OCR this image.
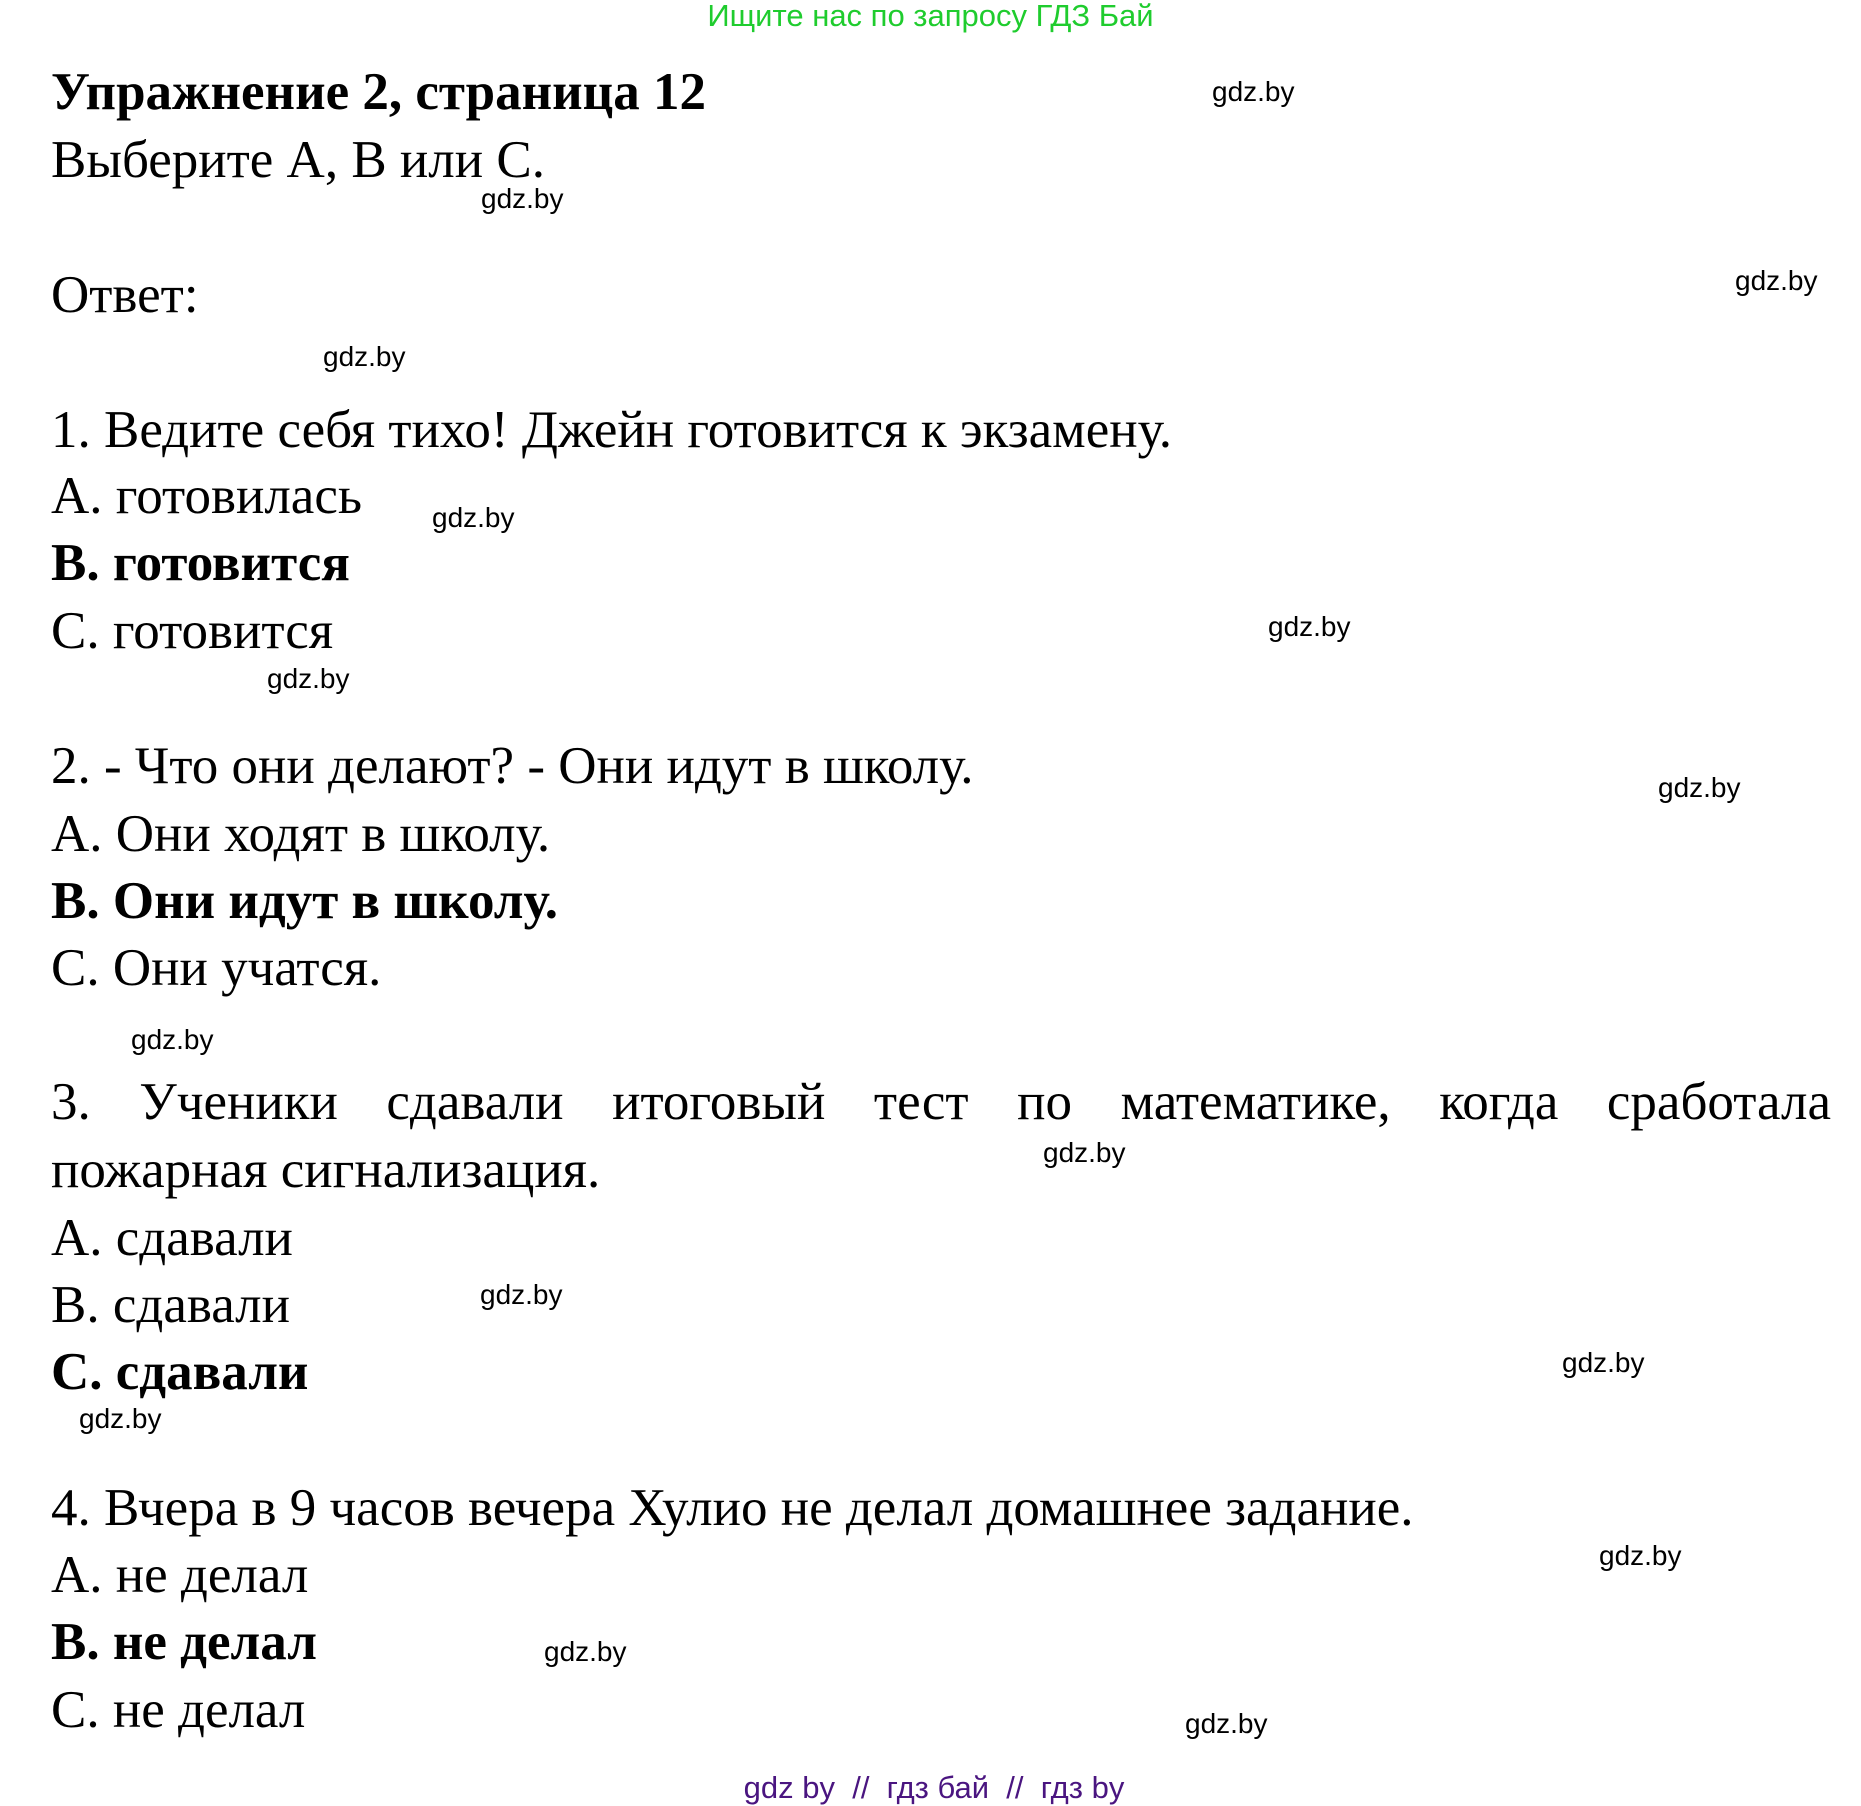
Ищите нас по запросу ГДЗ Бай
Упражнение 2, страница 12
Выберите A, B или C.
Ответ:
1. Ведите себя тихо! Джейн готовится к экзамену.
A. готовилась
B. готовится
C. готовится
2. - Что они делают? - Они идут в школу.
A. Они ходят в школу.
B. Они идут в школу.
C. Они учатся.
3. Ученики сдавали итоговый тест по математике, когда сработала
пожарная сигнализация.
A. сдавали
B. сдавали
C. сдавали
4. Вчера в 9 часов вечера Хулио не делал домашнее задание.
A. не делал
B. не делал
C. не делал
gdz.by
gdz.by
gdz.by
gdz.by
gdz.by
gdz.by
gdz.by
gdz.by
gdz.by
gdz.by
gdz.by
gdz.by
gdz.by
gdz.by
gdz.by
gdz.by
gdz by  //  гдз бай  //  гдз by
